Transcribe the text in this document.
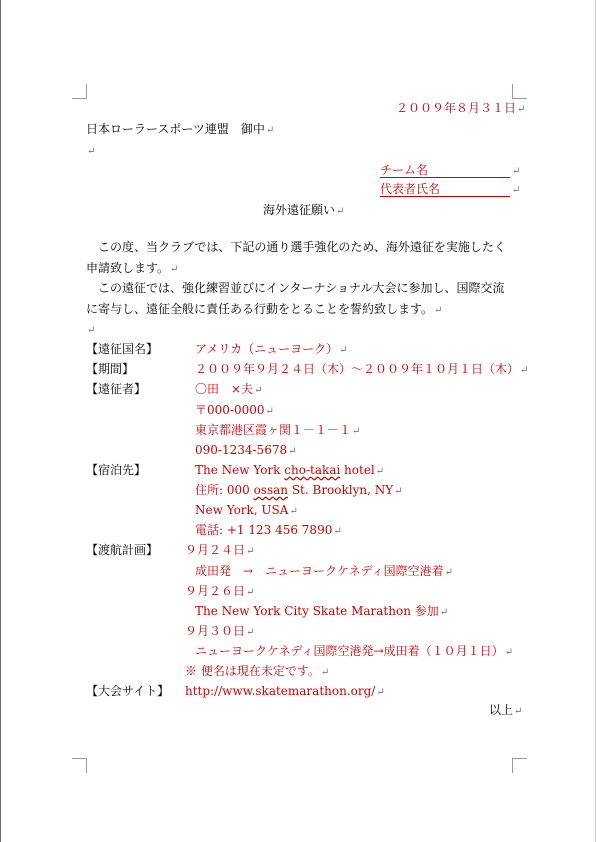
２００９年８月３１日↵
日本ローラースポーツ連盟　御中↵
↵
チーム名	↵
代表者氏名	↵
海外遠征願い↵
　この度、当クラブでは、下記の通り選手強化のため、海外遠征を実施したく申請致します。↵
　この遠征では、強化練習並びにインターナショナル大会に参加し、国際交流に寄与し、遠征全般に責任ある行動をとることを誓約致します。↵
↵
【遠征国名】	アメリカ（ニューヨーク）↵
【期間】	２００９年９月２４日（木）～２００９年１０月１日（木）↵
【遠征者】	〇田　×夫↵
〒000-0000↵
東京都港区霞ヶ関１－１－１↵
090-1234-5678↵
【宿泊先】	The New York cho-takai hotel↵
住所: 000 ossan St. Brooklyn, NY↵
New York, USA↵
電話: +1 123 456 7890↵
【渡航計画】 ９月２４日↵
成田発　→　ニューヨークケネディ国際空港着↵
９月２６日↵
The New York City Skate Marathon 参加↵
９月３０日↵
ニューヨークケネディ国際空港発→成田着（１０月１日）↵
※ 便名は現在未定です。↵
【大会サイト】 http://www.skatemarathon.org/↵
以上↵
